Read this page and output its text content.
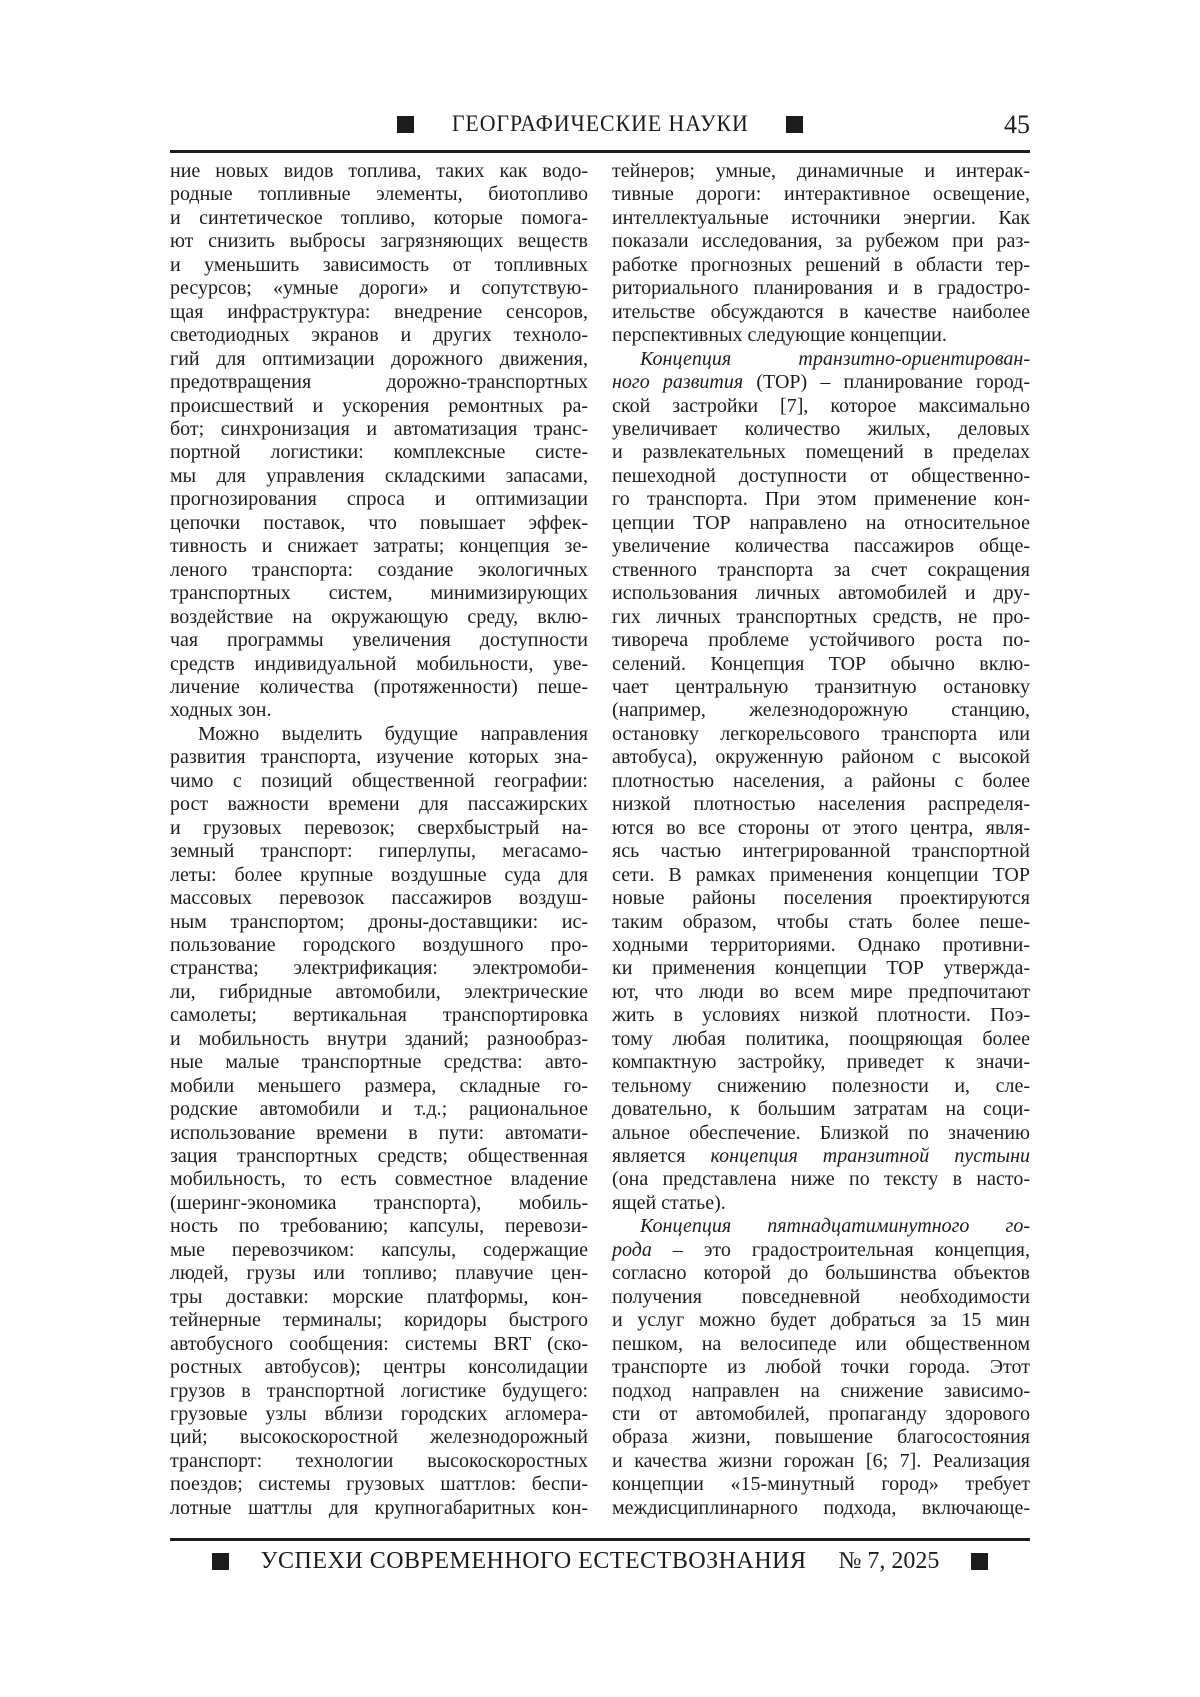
ГЕОГРАФИЧЕСКИЕ НАУКИ	45
ние новых видов топлива, таких как водо-
родные топливные элементы, биотопливо
и синтетическое топливо, которые помога-
ют снизить выбросы загрязняющих веществ
и уменьшить зависимость от топливных
ресурсов; «умные дороги» и сопутствую-
щая инфраструктура: внедрение сенсоров,
светодиодных экранов и других техноло-
гий для оптимизации дорожного движения,
предотвращения дорожно-транспортных
происшествий и ускорения ремонтных ра-
бот; синхронизация и автоматизация транс-
портной логистики: комплексные систе-
мы для управления складскими запасами,
прогнозирования спроса и оптимизации
цепочки поставок, что повышает эффек-
тивность и снижает затраты; концепция зе-
леного транспорта: создание экологичных
транспортных систем, минимизирующих
воздействие на окружающую среду, вклю-
чая программы увеличения доступности
средств индивидуальной мобильности, уве-
личение количества (протяженности) пеше-
ходных зон.
Можно выделить будущие направления
развития транспорта, изучение которых зна-
чимо с позиций общественной географии:
рост важности времени для пассажирских
и грузовых перевозок; сверхбыстрый на-
земный транспорт: гиперлупы, мегасамо-
леты: более крупные воздушные суда для
массовых перевозок пассажиров воздуш-
ным транспортом; дроны-доставщики: ис-
пользование городского воздушного про-
странства; электрификация: электромоби-
ли, гибридные автомобили, электрические
самолеты; вертикальная транспортировка
и мобильность внутри зданий; разнообраз-
ные малые транспортные средства: авто-
мобили меньшего размера, складные го-
родские автомобили и т.д.; рациональное
использование времени в пути: автомати-
зация транспортных средств; общественная
мобильность, то есть совместное владение
(шеринг-экономика транспорта), мобиль-
ность по требованию; капсулы, перевози-
мые перевозчиком: капсулы, содержащие
людей, грузы или топливо; плавучие цен-
тры доставки: морские платформы, кон-
тейнерные терминалы; коридоры быстрого
автобусного сообщения: системы BRT (ско-
ростных автобусов); центры консолидации
грузов в транспортной логистике будущего:
грузовые узлы вблизи городских агломера-
ций; высокоскоростной железнодорожный
транспорт: технологии высокоскоростных
поездов; системы грузовых шаттлов: беспи-
лотные шаттлы для крупногабаритных кон-
тейнеров; умные, динамичные и интерак-
тивные дороги: интерактивное освещение,
интеллектуальные источники энергии. Как
показали исследования, за рубежом при раз-
работке прогнозных решений в области тер-
риториального планирования и в градостро-
ительстве обсуждаются в качестве наиболее
перспективных следующие концепции.
Концепция транзитно-ориентирован-
ного развития (ТОР) – планирование город-
ской застройки [7], которое максимально
увеличивает количество жилых, деловых
и развлекательных помещений в пределах
пешеходной доступности от общественно-
го транспорта. При этом применение кон-
цепции ТОР направлено на относительное
увеличение количества пассажиров обще-
ственного транспорта за счет сокращения
использования личных автомобилей и дру-
гих личных транспортных средств, не про-
тивореча проблеме устойчивого роста по-
селений. Концепция ТОР обычно вклю-
чает центральную транзитную остановку
(например, железнодорожную станцию,
остановку легкорельсового транспорта или
автобуса), окруженную районом с высокой
плотностью населения, а районы с более
низкой плотностью населения распределя-
ются во все стороны от этого центра, явля-
ясь частью интегрированной транспортной
сети. В рамках применения концепции ТОР
новые районы поселения проектируются
таким образом, чтобы стать более пеше-
ходными территориями. Однако противни-
ки применения концепции ТОР утвержда-
ют, что люди во всем мире предпочитают
жить в условиях низкой плотности. Поэ-
тому любая политика, поощряющая более
компактную застройку, приведет к значи-
тельному снижению полезности и, сле-
довательно, к большим затратам на соци-
альное обеспечение. Близкой по значению
является концепция транзитной пустыни
(она представлена ниже по тексту в насто-
ящей статье).
Концепция пятнадцатиминутного го-
рода – это градостроительная концепция,
согласно которой до большинства объектов
получения повседневной необходимости
и услуг можно будет добраться за 15 мин
пешком, на велосипеде или общественном
транспорте из любой точки города. Этот
подход направлен на снижение зависимо-
сти от автомобилей, пропаганду здорового
образа жизни, повышение благосостояния
и качества жизни горожан [6; 7]. Реализация
концепции «15-минутный город» требует
междисциплинарного подхода, включающе-
УСПЕХИ СОВРЕМЕННОГО ЕСТЕСТВОЗНАНИЯ № 7, 2025
